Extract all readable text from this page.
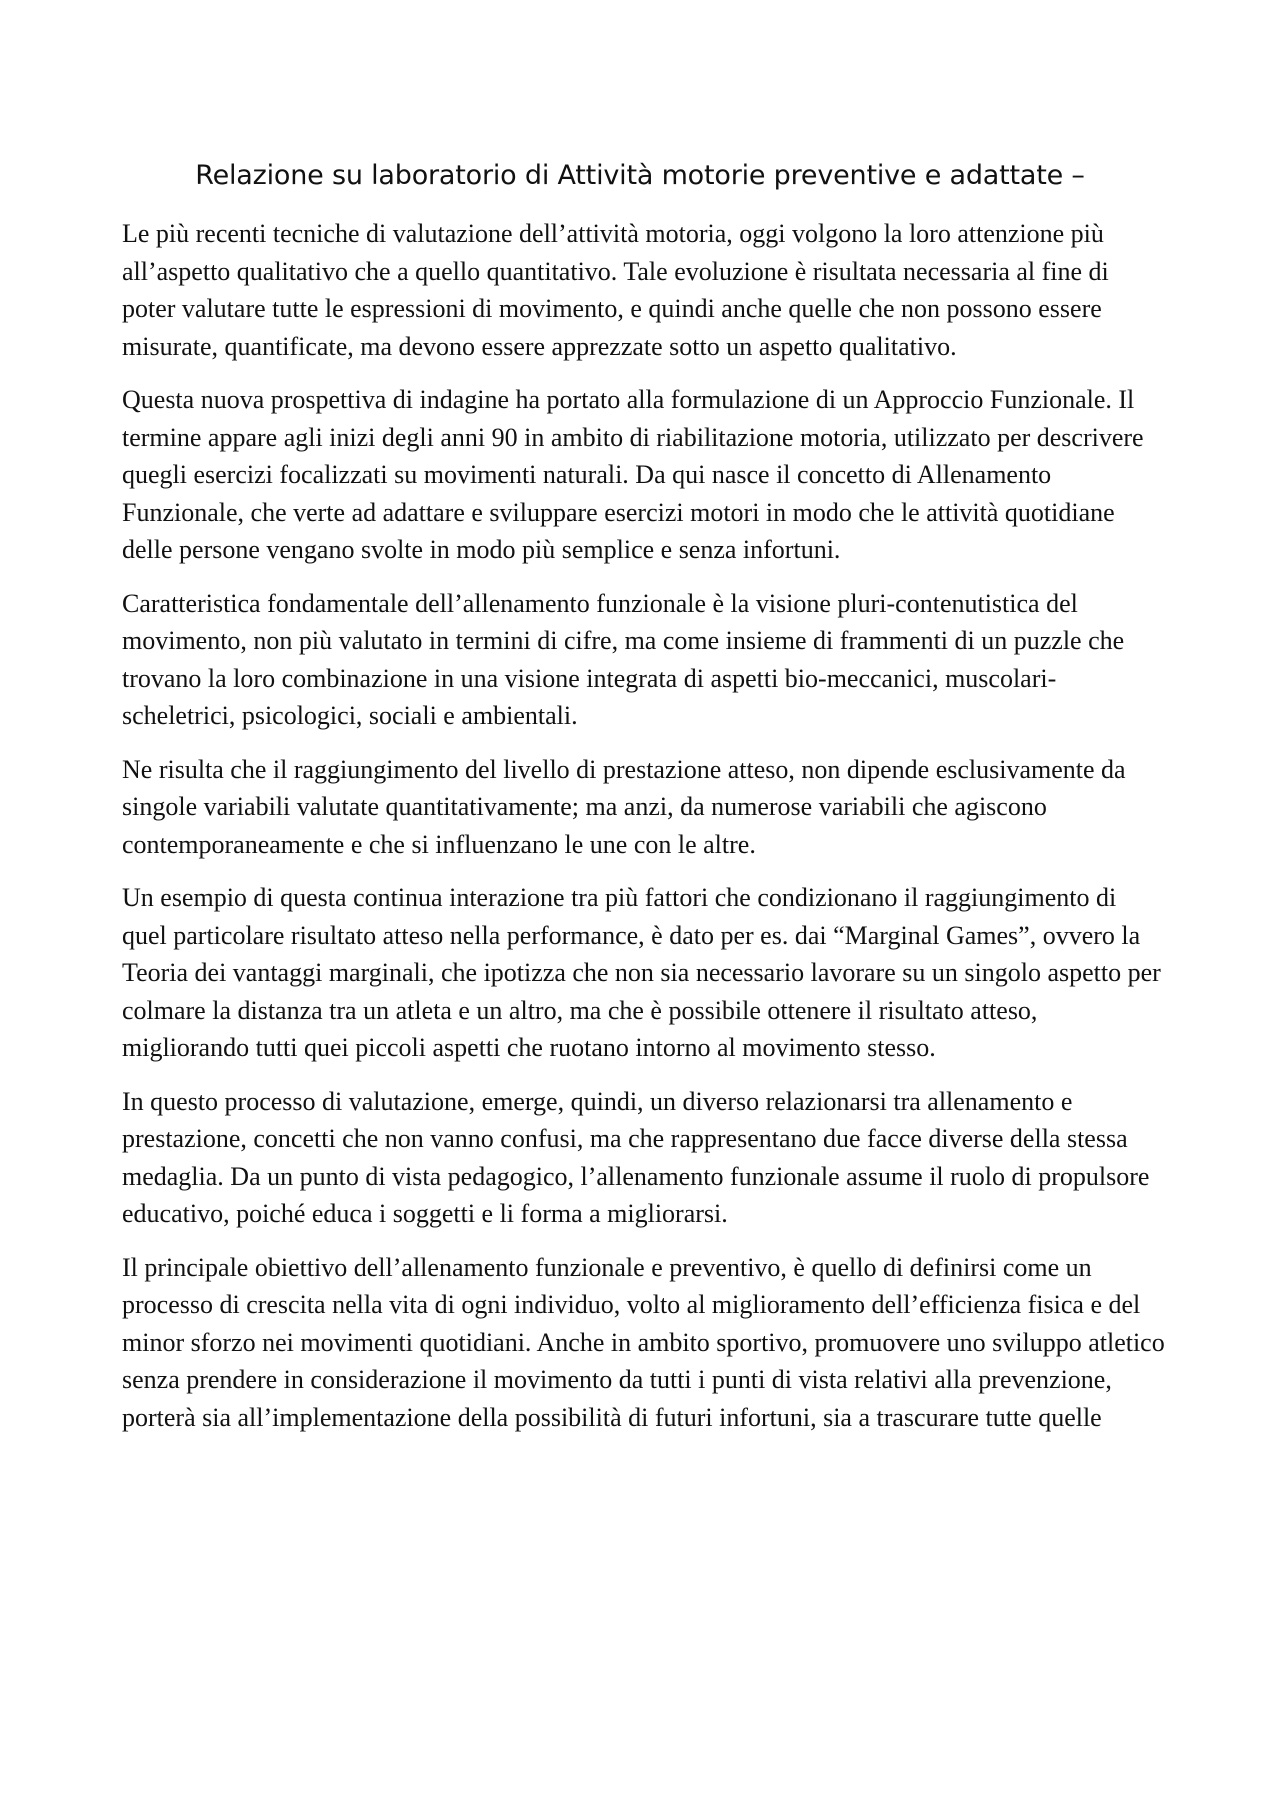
Relazione su laboratorio di Attività motorie preventive e adattate –

Le più recenti tecniche di valutazione dell’attività motoria, oggi volgono la loro attenzione più all’aspetto qualitativo che a quello quantitativo. Tale evoluzione è risultata necessaria al fine di poter valutare tutte le espressioni di movimento, e quindi anche quelle che non possono essere misurate, quantificate, ma devono essere apprezzate sotto un aspetto qualitativo.

Questa nuova prospettiva di indagine ha portato alla formulazione di un Approccio Funzionale. Il termine appare agli inizi degli anni 90 in ambito di riabilitazione motoria, utilizzato per descrivere quegli esercizi focalizzati su movimenti naturali. Da qui nasce il concetto di Allenamento Funzionale, che verte ad adattare e sviluppare esercizi motori in modo che le attività quotidiane delle persone vengano svolte in modo più semplice e senza infortuni.

Caratteristica fondamentale dell’allenamento funzionale è la visione pluri-contenutistica del movimento, non più valutato in termini di cifre, ma come insieme di frammenti di un puzzle che trovano la loro combinazione in una visione integrata di aspetti bio-meccanici, muscolari-scheletrici, psicologici, sociali e ambientali.

Ne risulta che il raggiungimento del livello di prestazione atteso, non dipende esclusivamente da singole variabili valutate quantitativamente; ma anzi, da numerose variabili che agiscono contemporaneamente e che si influenzano le une con le altre.

Un esempio di questa continua interazione tra più fattori che condizionano il raggiungimento di quel particolare risultato atteso nella performance, è dato per es. dai “Marginal Games”, ovvero la Teoria dei vantaggi marginali, che ipotizza che non sia necessario lavorare su un singolo aspetto per colmare la distanza tra un atleta e un altro, ma che è possibile ottenere il risultato atteso, migliorando tutti quei piccoli aspetti che ruotano intorno al movimento stesso.

In questo processo di valutazione, emerge, quindi, un diverso relazionarsi tra allenamento e prestazione, concetti che non vanno confusi, ma che rappresentano due facce diverse della stessa medaglia. Da un punto di vista pedagogico, l’allenamento funzionale assume il ruolo di propulsore educativo, poiché educa i soggetti e li forma a migliorarsi.

Il principale obiettivo dell’allenamento funzionale e preventivo, è quello di definirsi come un processo di crescita nella vita di ogni individuo, volto al miglioramento dell’efficienza fisica e del minor sforzo nei movimenti quotidiani. Anche in ambito sportivo, promuovere uno sviluppo atletico senza prendere in considerazione il movimento da tutti i punti di vista relativi alla prevenzione, porterà sia all’implementazione della possibilità di futuri infortuni, sia a trascurare tutte quelle
